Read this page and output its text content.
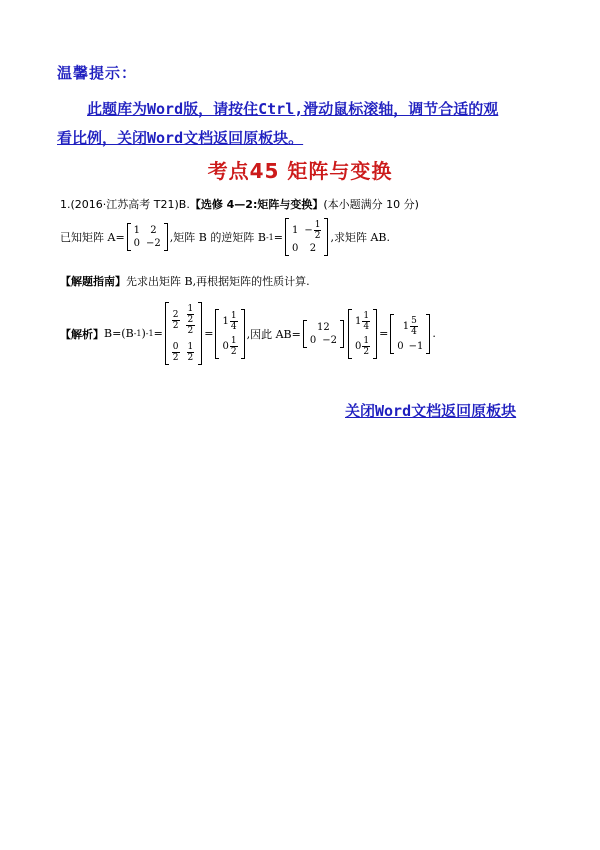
温馨提示：
此题库为Word版，请按住Ctrl,滑动鼠标滚轴，调节合适的观
看比例，关闭Word文档返回原板块。
考点45 矩阵与变换
1.(2016·江苏高考 T21)B.【选修 4—2:矩阵与变换】(本小题满分 10 分)
已知矩阵 A=
1 2
0 −2 ,矩阵 B 的逆矩阵 B $-1 = 1 - \frac{1}{2}$
0 2
,求矩阵 AB.
【解题指南】先求出矩阵 B,再根据矩阵的性质计算.
【解析】 B=(B -1 ) -1 =
$\frac{2}{2} \frac{\frac{1}{2}}{2}$
$\frac{0}{2} \frac{1}{2}$
=
$1 \frac{1}{4}$
$0 \frac{1}{2}$
,因此 AB=
12
0 −2
$1 \frac{1}{4}$
$0 \frac{1}{2}$
=
$1 \frac{5}{4}$
0 −1
.
关闭Word文档返回原板块
